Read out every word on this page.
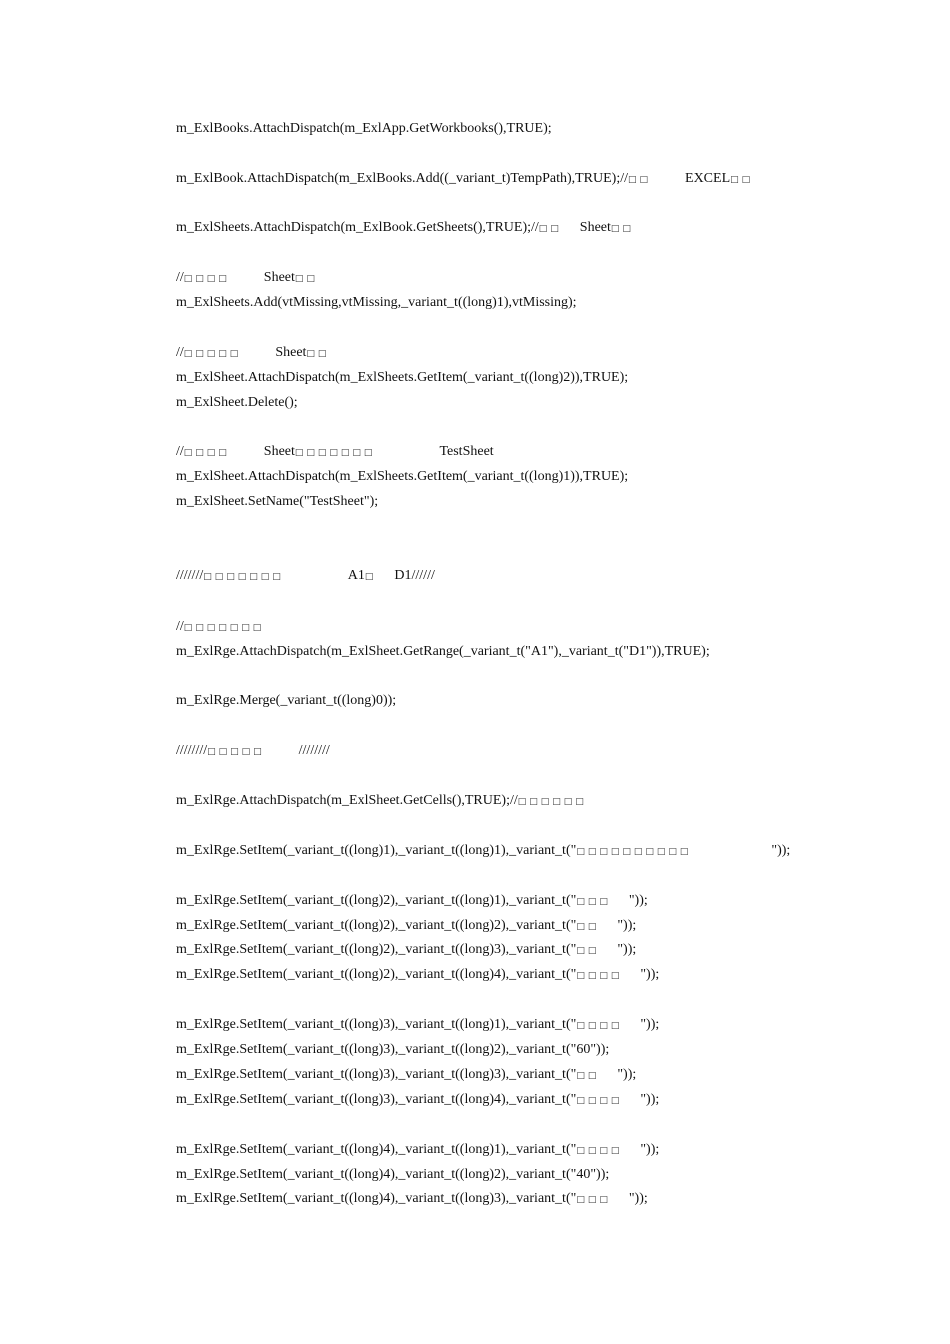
m_ExlBooks.AttachDispatch(m_ExlApp.GetWorkbooks(),TRUE);
m_ExlBook.AttachDispatch(m_ExlBooks.Add((_variant_t)TempPath),TRUE);//□□ EXCEL□□
m_ExlSheets.AttachDispatch(m_ExlBook.GetSheets(),TRUE);//□□ Sheet□□
//□□□□ Sheet□□
m_ExlSheets.Add(vtMissing,vtMissing,_variant_t((long)1),vtMissing);
//□□□□□ Sheet□□
m_ExlSheet.AttachDispatch(m_ExlSheets.GetItem(_variant_t((long)2)),TRUE);
m_ExlSheet.Delete();
//□□□□ Sheet□□□□□□□	TestSheet
m_ExlSheet.AttachDispatch(m_ExlSheets.GetItem(_variant_t((long)1)),TRUE);
m_ExlSheet.SetName("TestSheet");
///////□□□□□□□	A1□ D1//////
//□□□□□□□
m_ExlRge.AttachDispatch(m_ExlSheet.GetRange(_variant_t("A1"),_variant_t("D1")),TRUE);
m_ExlRge.Merge(_variant_t((long)0));
////////□□□□□ ////////
m_ExlRge.AttachDispatch(m_ExlSheet.GetCells(),TRUE);//□□□□□□
m_ExlRge.SetItem(_variant_t((long)1),_variant_t((long)1),_variant_t("□□□□□□□□□□	"));
m_ExlRge.SetItem(_variant_t((long)2),_variant_t((long)1),_variant_t("□□□ "));
m_ExlRge.SetItem(_variant_t((long)2),_variant_t((long)2),_variant_t("□□ "));
m_ExlRge.SetItem(_variant_t((long)2),_variant_t((long)3),_variant_t("□□ "));
m_ExlRge.SetItem(_variant_t((long)2),_variant_t((long)4),_variant_t("□□□□ "));
m_ExlRge.SetItem(_variant_t((long)3),_variant_t((long)1),_variant_t("□□□□ "));
m_ExlRge.SetItem(_variant_t((long)3),_variant_t((long)2),_variant_t("60"));
m_ExlRge.SetItem(_variant_t((long)3),_variant_t((long)3),_variant_t("□□ "));
m_ExlRge.SetItem(_variant_t((long)3),_variant_t((long)4),_variant_t("□□□□ "));
m_ExlRge.SetItem(_variant_t((long)4),_variant_t((long)1),_variant_t("□□□□ "));
m_ExlRge.SetItem(_variant_t((long)4),_variant_t((long)2),_variant_t("40"));
m_ExlRge.SetItem(_variant_t((long)4),_variant_t((long)3),_variant_t("□□□ "));
